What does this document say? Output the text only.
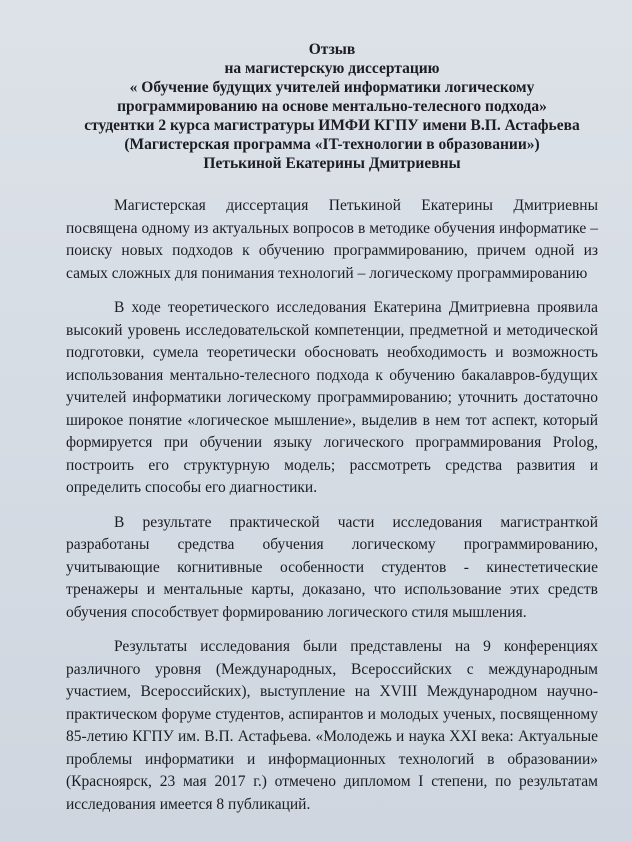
Отзыв
на магистерскую диссертацию
« Обучение будущих учителей информатики логическому
программированию на основе ментально-телесного подхода»
студентки 2 курса магистратуры ИМФИ КГПУ имени В.П. Астафьева
(Магистерская программа «IT-технологии в образовании»)
Петькиной Екатерины Дмитриевны

Магистерская диссертация Петькиной Екатерины Дмитриевны посвящена одному из актуальных вопросов в методике обучения информатике – поиску новых подходов к обучению программированию, причем одной из самых сложных для понимания технологий – логическому программированию

В ходе теоретического исследования Екатерина Дмитриевна проявила высокий уровень исследовательской компетенции, предметной и методической подготовки, сумела теоретически обосновать необходимость и возможность использования ментально-телесного подхода к обучению бакалавров-будущих учителей информатики логическому программированию; уточнить достаточно широкое понятие «логическое мышление», выделив в нем тот аспект, который формируется при обучении языку логического программирования Prolog, построить его структурную модель; рассмотреть средства развития и определить способы его диагностики.

В результате практической части исследования магистранткой разработаны средства обучения логическому программированию, учитывающие когнитивные особенности студентов - кинестетические тренажеры и ментальные карты, доказано, что использование этих средств обучения способствует формированию логического стиля мышления.

Результаты исследования были представлены на 9 конференциях различного уровня (Международных, Всероссийских с международным участием, Всероссийских), выступление на XVIII Международном научно-практическом форуме студентов, аспирантов и молодых ученых, посвященному 85-летию КГПУ им. В.П. Астафьева. «Молодежь и наука XXI века: Актуальные проблемы информатики и информационных технологий в образовании» (Красноярск, 23 мая 2017 г.) отмечено дипломом I степени, по результатам исследования имеется 8 публикаций.
